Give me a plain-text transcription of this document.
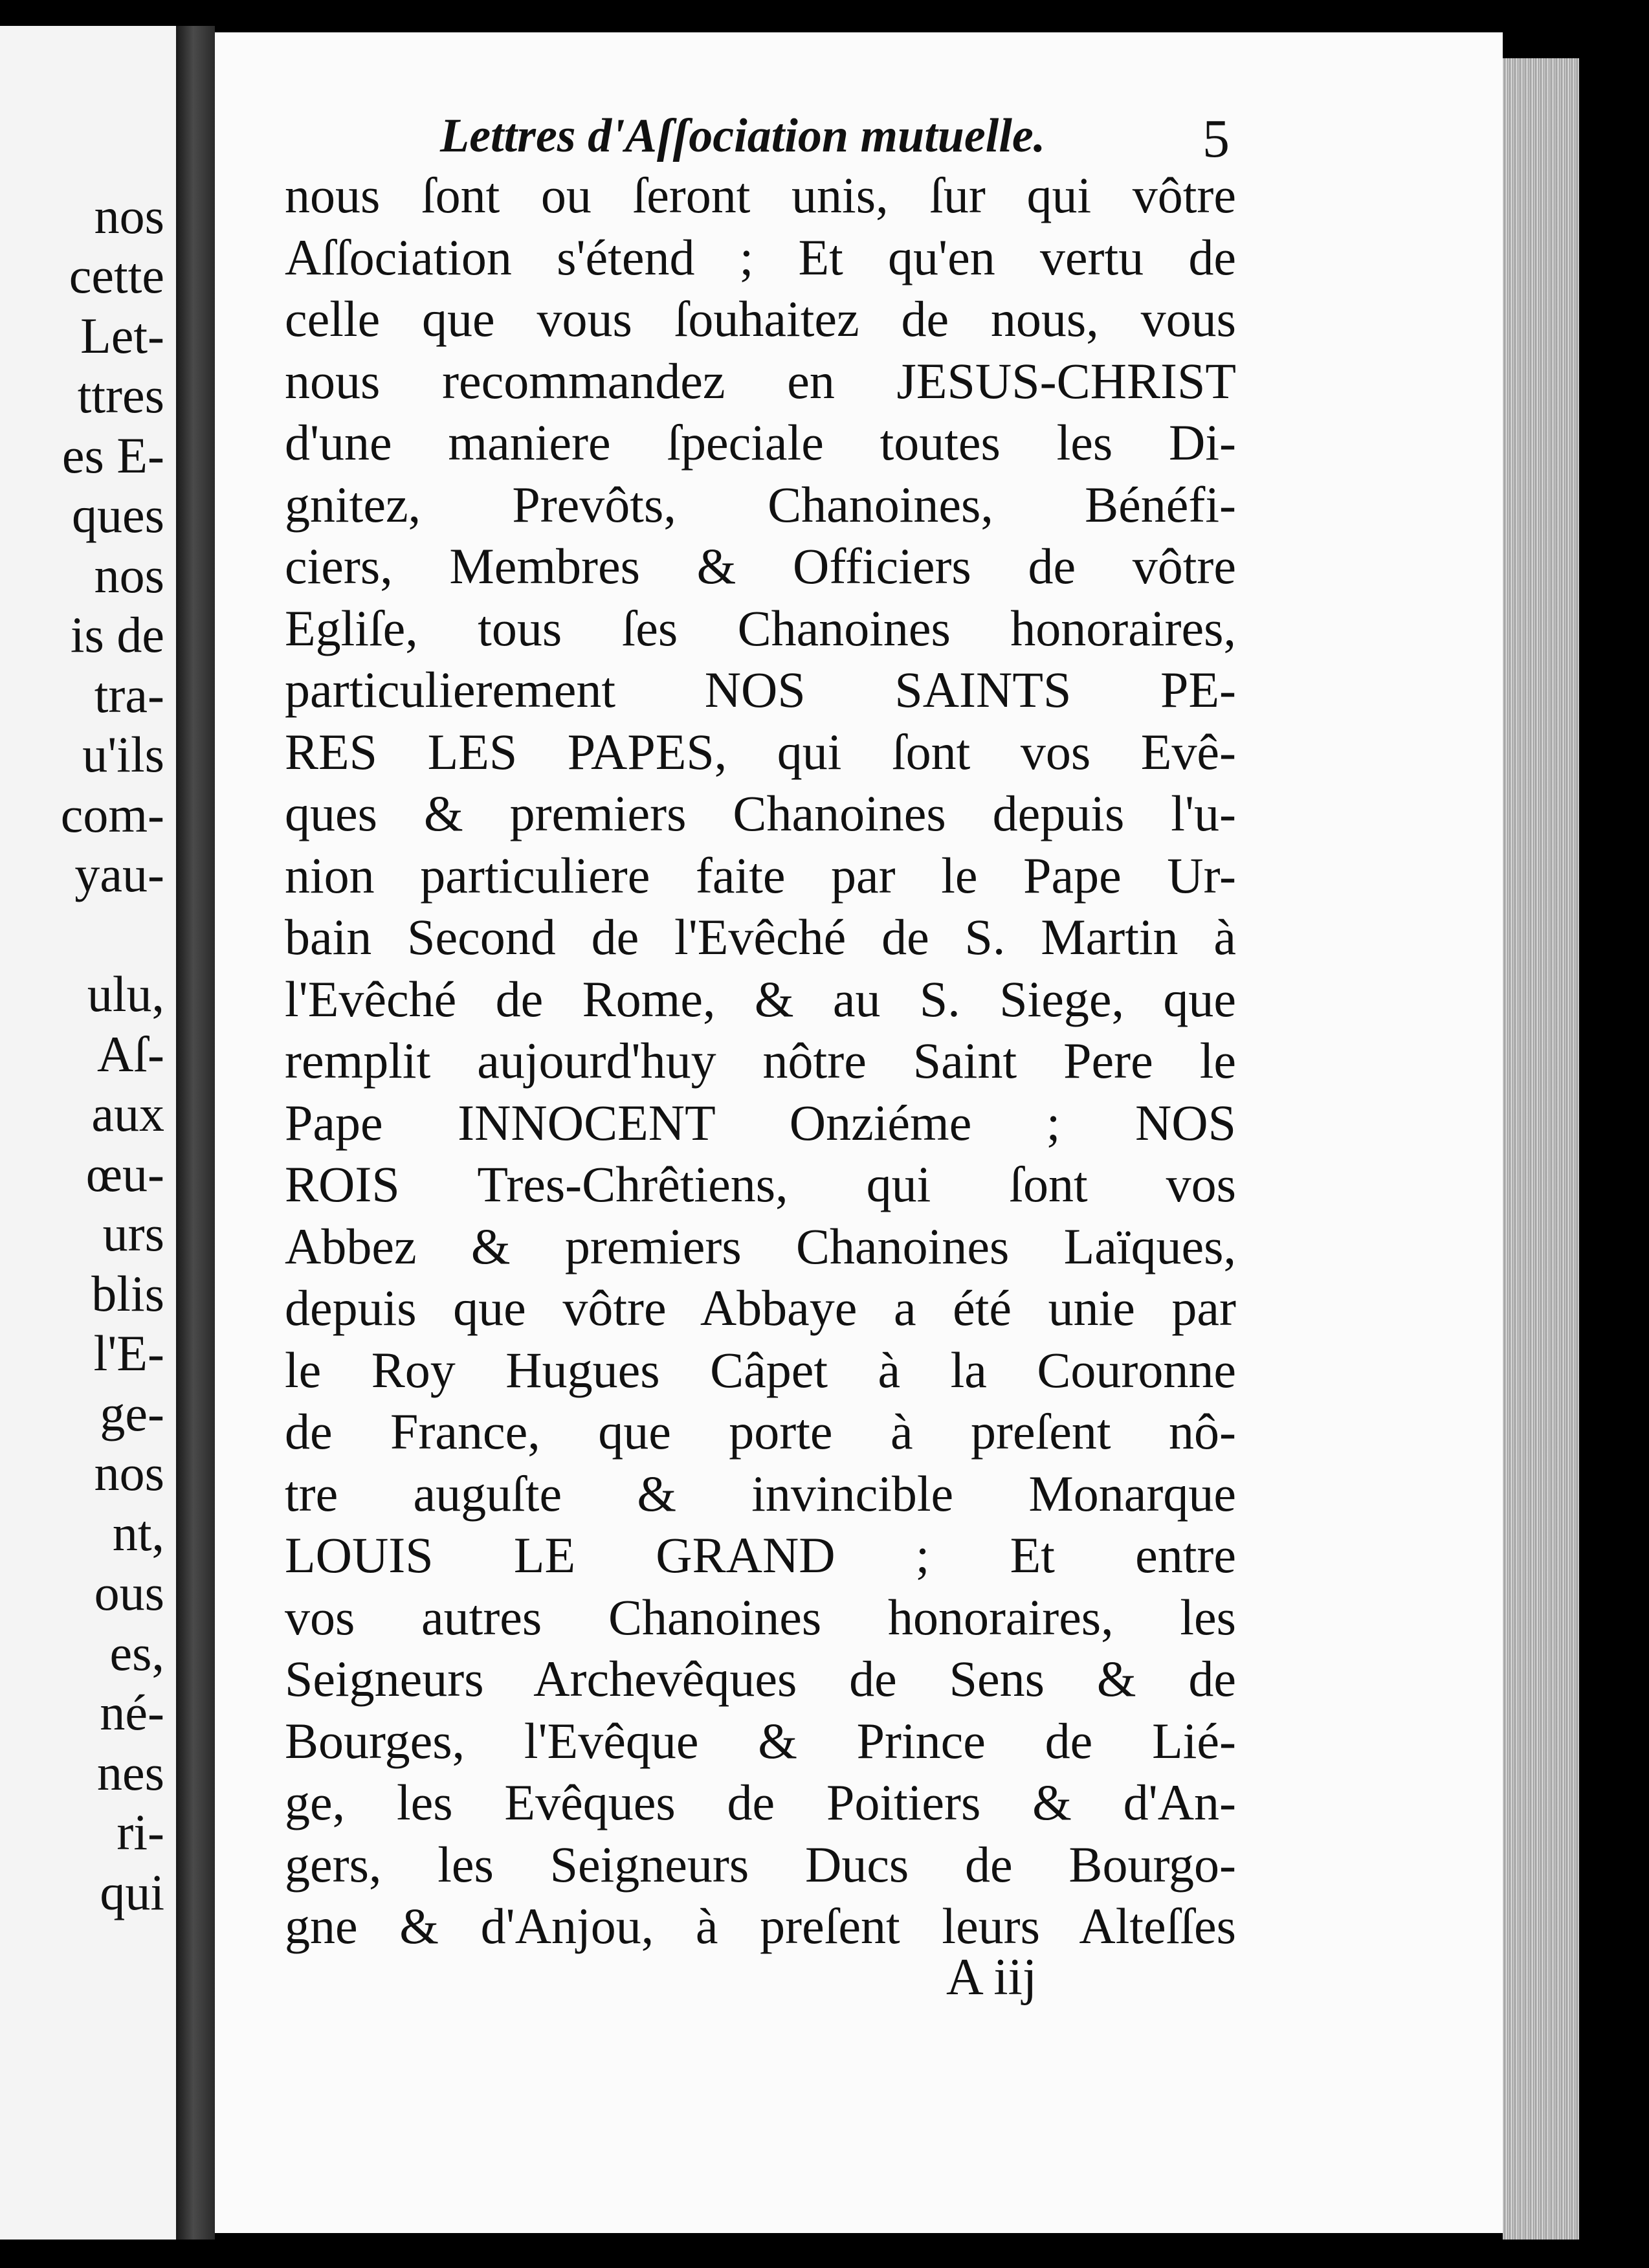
nos
cette
Let-
ttres
es E-
ques
nos
is de
tra-
u'ils
com-
yau-
ulu,
Aſ-
aux
œu-
urs
blis
l'E-
ge-
nos
nt,
ous
es,
né-
nes
ri-
qui
Lettres d'Aſſociation mutuelle.	5
nous ſont ou ſeront unis, ſur qui vôtre
Aſſociation s'étend ; Et qu'en vertu de
celle que vous ſouhaitez de nous, vous
nous recommandez en JESUS-CHRIST
d'une maniere ſpeciale toutes les Di-
gnitez, Prevôts, Chanoines, Bénéfi-
ciers, Membres & Officiers de vôtre
Egliſe, tous ſes Chanoines honoraires,
particulierement NOS SAINTS PE-
RES LES PAPES, qui ſont vos Evê-
ques & premiers Chanoines depuis l'u-
nion particuliere faite par le Pape Ur-
bain Second de l'Evêché de S. Martin à
l'Evêché de Rome, & au S. Siege, que
remplit aujourd'huy nôtre Saint Pere le
Pape INNOCENT Onziéme ; NOS
ROIS Tres-Chrêtiens, qui ſont vos
Abbez & premiers Chanoines Laïques,
depuis que vôtre Abbaye a été unie par
le Roy Hugues Câpet à la Couronne
de France, que porte à preſent nô-
tre auguſte & invincible Monarque
LOUIS LE GRAND ; Et entre
vos autres Chanoines honoraires, les
Seigneurs Archevêques de Sens & de
Bourges, l'Evêque & Prince de Lié-
ge, les Evêques de Poitiers & d'An-
gers, les Seigneurs Ducs de Bourgo-
gne & d'Anjou, à preſent leurs Alteſſes
A iij
